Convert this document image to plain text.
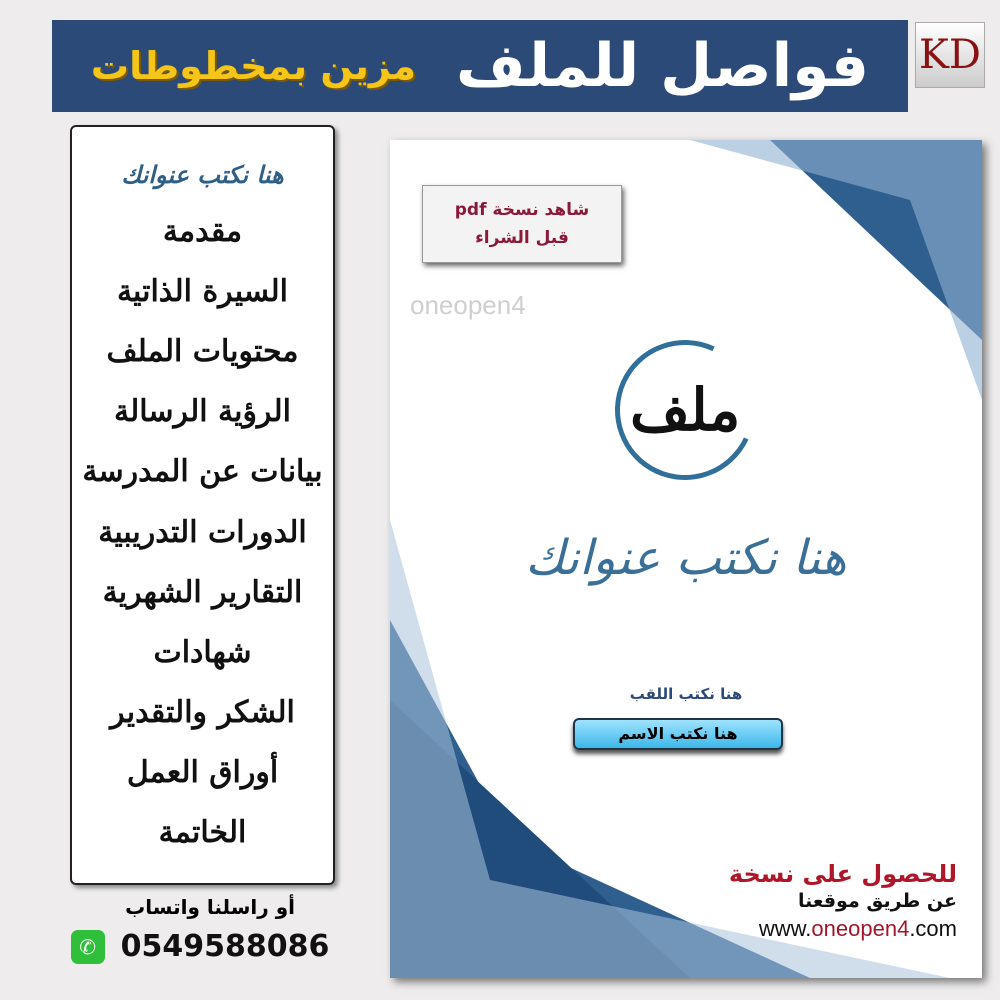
فواصل للملف
مزين بمخطوطات	KD
هنا نكتب عنوانك
مقدمة
السيرة الذاتية
محتويات الملف
الرؤية الرسالة
بيانات عن المدرسة
الدورات التدريبية
التقارير الشهرية
شهادات
الشكر والتقدير
أوراق العمل
الخاتمة
أو راسلنا واتساب
✆ 0549588086
oneopen4
شاهد نسخة pdf
قبل الشراء
ملف
هنا نكتب عنوانك
هنا نكتب اللقب
هنا نكتب الاسم
للحصول على نسخة
عن طريق موقعنا
www.oneopen4.com
